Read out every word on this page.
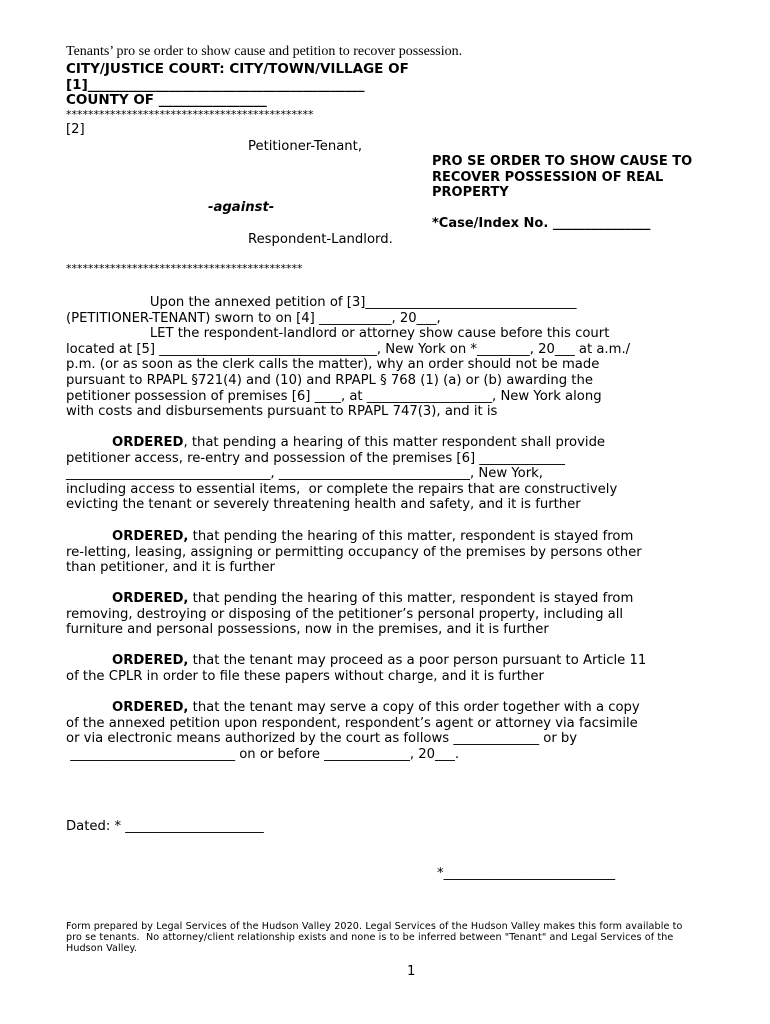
Tenants’ pro se order to show cause and petition to recover possession.
CITY/JUSTICE COURT: CITY/TOWN/VILLAGE OF
[1]_________________________________________
COUNTY OF ________________
*********************************************
[2]
Petitioner-Tenant,
PRO SE ORDER TO SHOW CAUSE TO
RECOVER POSSESSION OF REAL
PROPERTY
-against-
*Case/Index No. _______________
Respondent-Landlord.
*******************************************
Upon the annexed petition of [3]________________________________
(PETITIONER-TENANT) sworn to on [4] ___________, 20___,
LET the respondent-landlord or attorney show cause before this court
located at [5] _________________________________, New York on *________, 20___ at a.m./
p.m. (or as soon as the clerk calls the matter), why an order should not be made
pursuant to RPAPL §721(4) and (10) and RPAPL § 768 (1) (a) or (b) awarding the
petitioner possession of premises [6] ____, at ___________________, New York along
with costs and disbursements pursuant to RPAPL 747(3), and it is
ORDERED, that pending a hearing of this matter respondent shall provide
petitioner access, re-entry and possession of the premises [6] _____________
_______________________________, _____________________________, New York,
including access to essential items,  or complete the repairs that are constructively
evicting the tenant or severely threatening health and safety, and it is further
ORDERED, that pending the hearing of this matter, respondent is stayed from
re-letting, leasing, assigning or permitting occupancy of the premises by persons other
than petitioner, and it is further
ORDERED, that pending the hearing of this matter, respondent is stayed from
removing, destroying or disposing of the petitioner’s personal property, including all
furniture and personal possessions, now in the premises, and it is further
ORDERED, that the tenant may proceed as a poor person pursuant to Article 11
of the CPLR in order to file these papers without charge, and it is further
ORDERED, that the tenant may serve a copy of this order together with a copy
of the annexed petition upon respondent, respondent’s agent or attorney via facsimile
or via electronic means authorized by the court as follows _____________ or by
_________________________ on or before _____________, 20___.
Dated: * _____________________
*__________________________
Form prepared by Legal Services of the Hudson Valley 2020. Legal Services of the Hudson Valley makes this form available to
pro se tenants.  No attorney/client relationship exists and none is to be inferred between "Tenant" and Legal Services of the
Hudson Valley.
1
